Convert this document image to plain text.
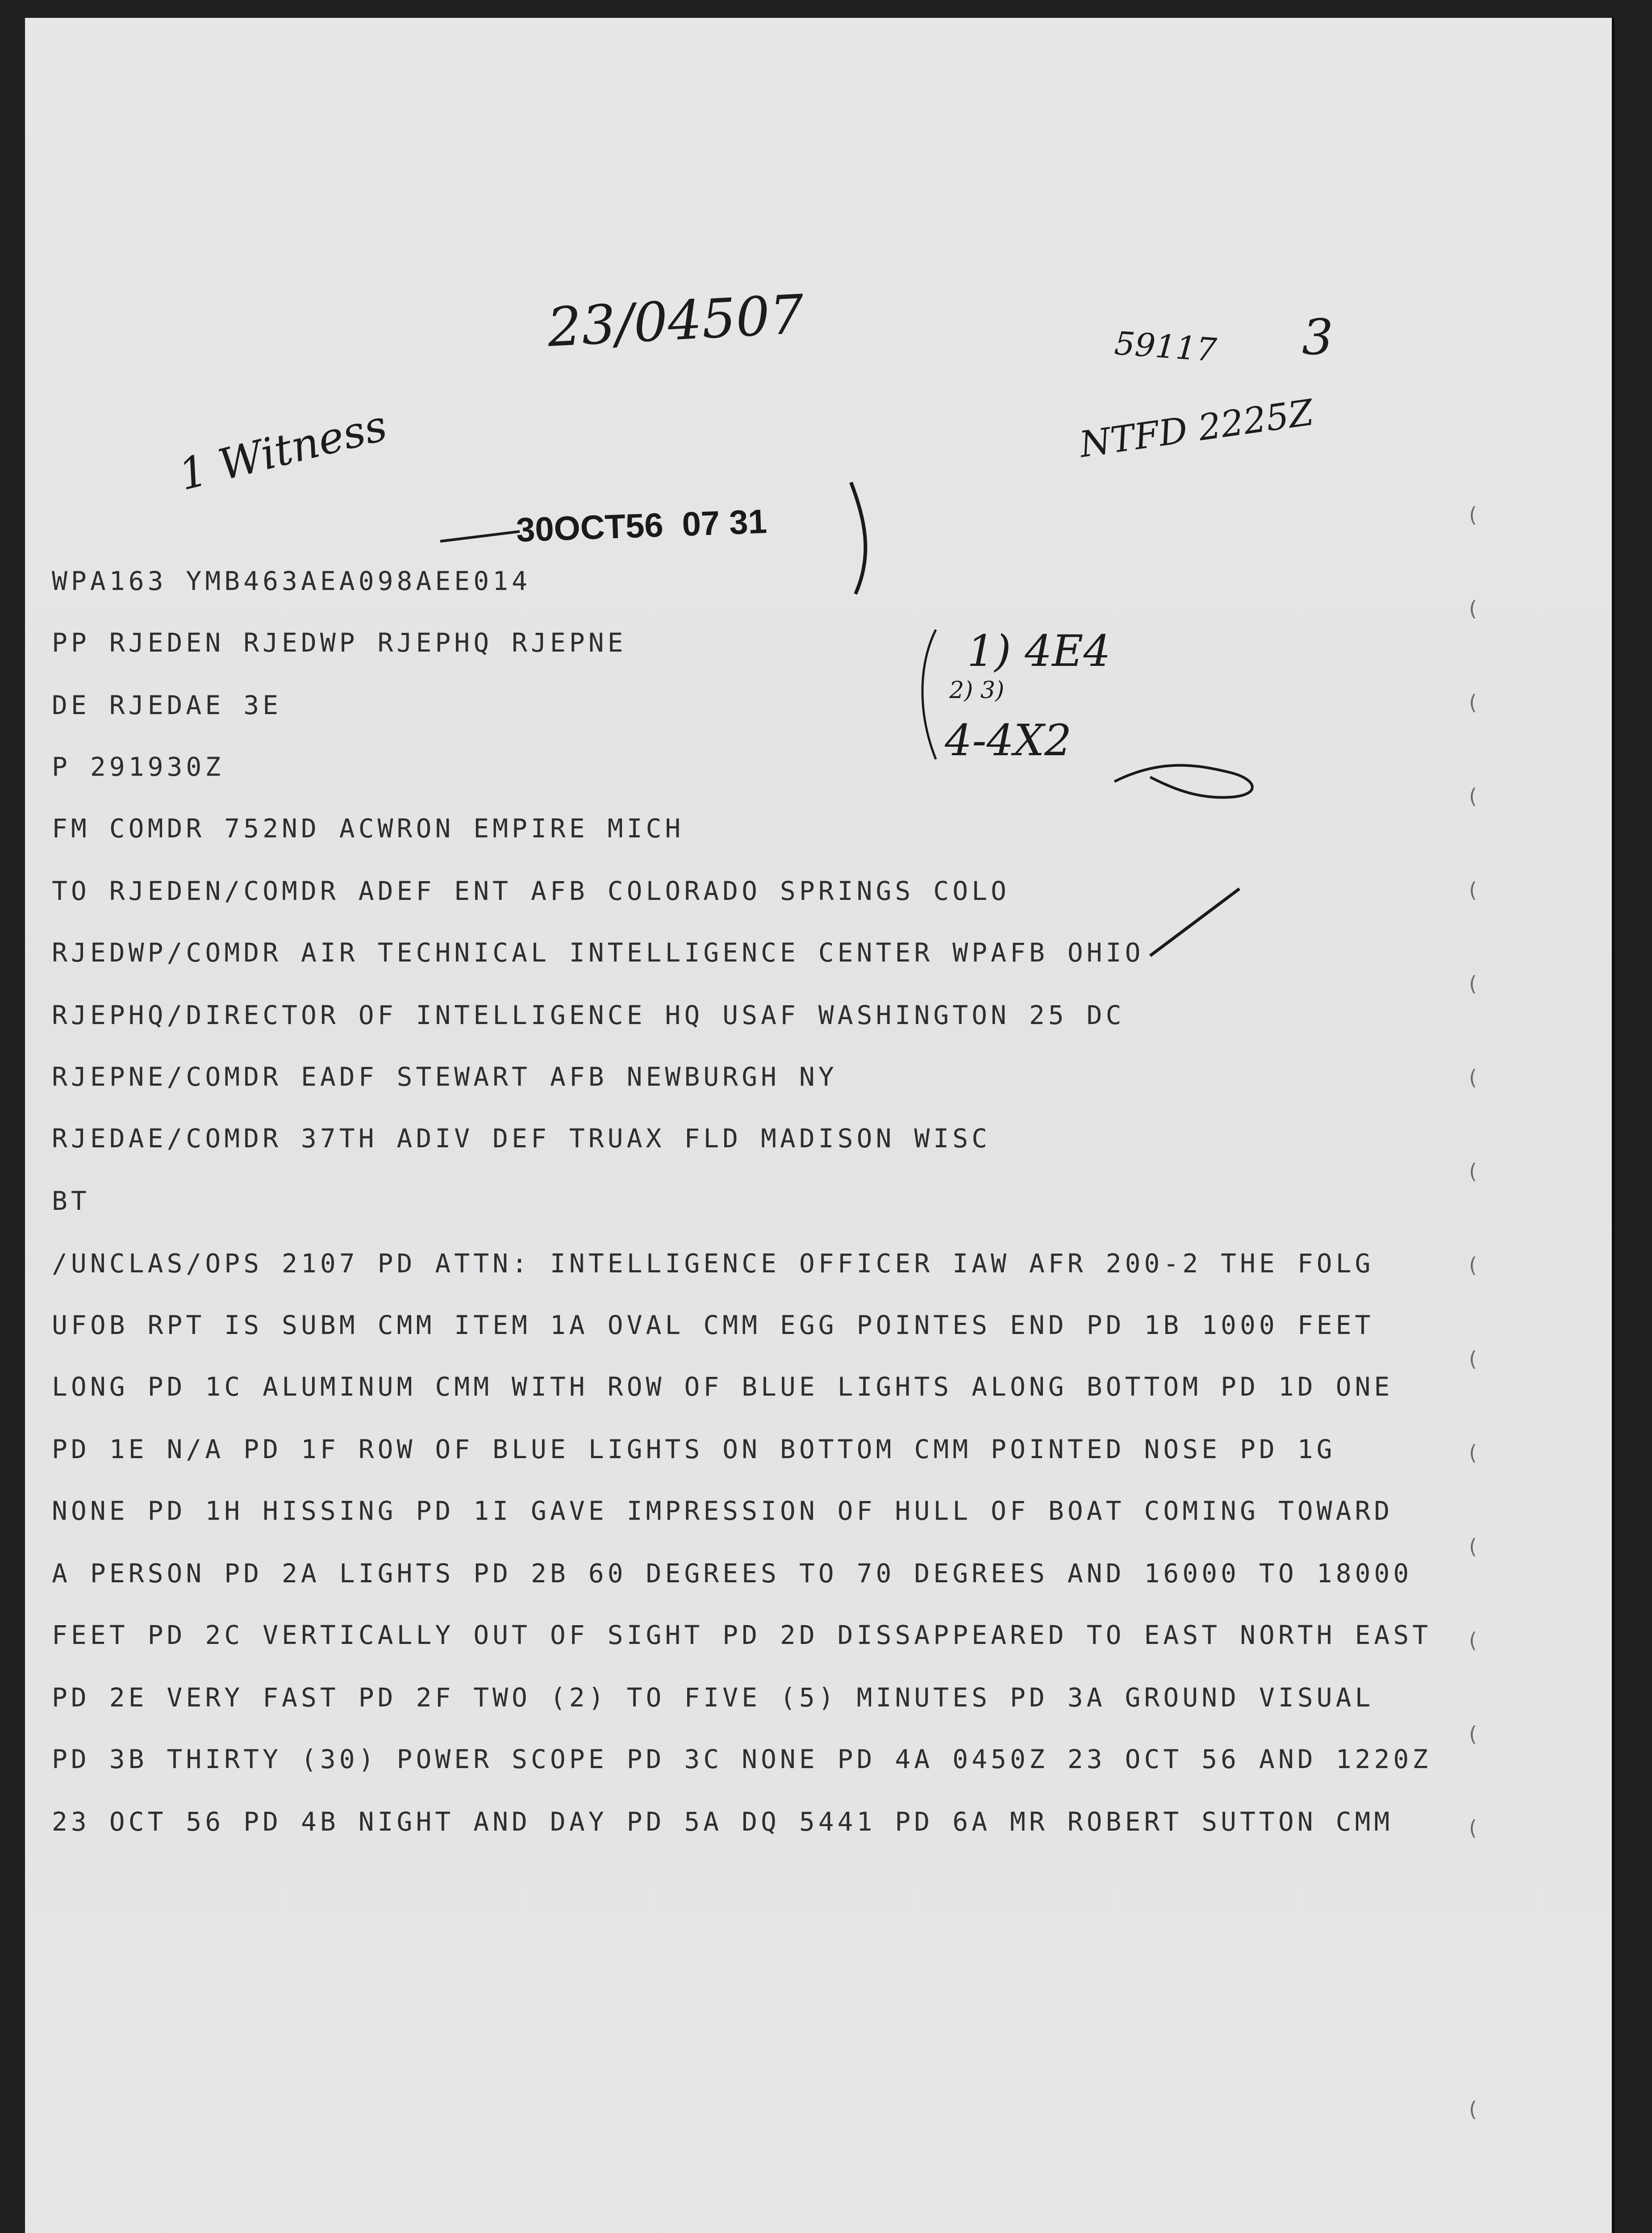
23/04507	59117 3
NTFD 2225Z
1 Witness
1) 4E4
2) 3)
4-4X2
30OCT56  07 31
WPA163 YMB463AEA098AEE014
PP RJEDEN RJEDWP RJEPHQ RJEPNE
DE RJEDAE 3E
P 291930Z
FM COMDR 752ND ACWRON EMPIRE MICH
TO RJEDEN/COMDR ADEF ENT AFB COLORADO SPRINGS COLO
RJEDWP/COMDR AIR TECHNICAL INTELLIGENCE CENTER WPAFB OHIO
RJEPHQ/DIRECTOR OF INTELLIGENCE HQ USAF WASHINGTON 25 DC
RJEPNE/COMDR EADF STEWART AFB NEWBURGH NY
RJEDAE/COMDR 37TH ADIV DEF TRUAX FLD MADISON WISC
BT
/UNCLAS/OPS 2107 PD ATTN: INTELLIGENCE OFFICER IAW AFR 200-2 THE FOLG
UFOB RPT IS SUBM CMM ITEM 1A OVAL CMM EGG POINTES END PD 1B 1000 FEET
LONG PD 1C ALUMINUM CMM WITH ROW OF BLUE LIGHTS ALONG BOTTOM PD 1D ONE
PD 1E N/A PD 1F ROW OF BLUE LIGHTS ON BOTTOM CMM POINTED NOSE PD 1G
NONE PD 1H HISSING PD 1I GAVE IMPRESSION OF HULL OF BOAT COMING TOWARD
A PERSON PD 2A LIGHTS PD 2B 60 DEGREES TO 70 DEGREES AND 16000 TO 18000
FEET PD 2C VERTICALLY OUT OF SIGHT PD 2D DISSAPPEARED TO EAST NORTH EAST
PD 2E VERY FAST PD 2F TWO (2) TO FIVE (5) MINUTES PD 3A GROUND VISUAL
PD 3B THIRTY (30) POWER SCOPE PD 3C NONE PD 4A 0450Z 23 OCT 56 AND 1220Z
23 OCT 56 PD 4B NIGHT AND DAY PD 5A DQ 5441 PD 6A MR ROBERT SUTTON CMM
(
(
(
(
(
(
(
(
(
(
(
(
(
(
(
(
